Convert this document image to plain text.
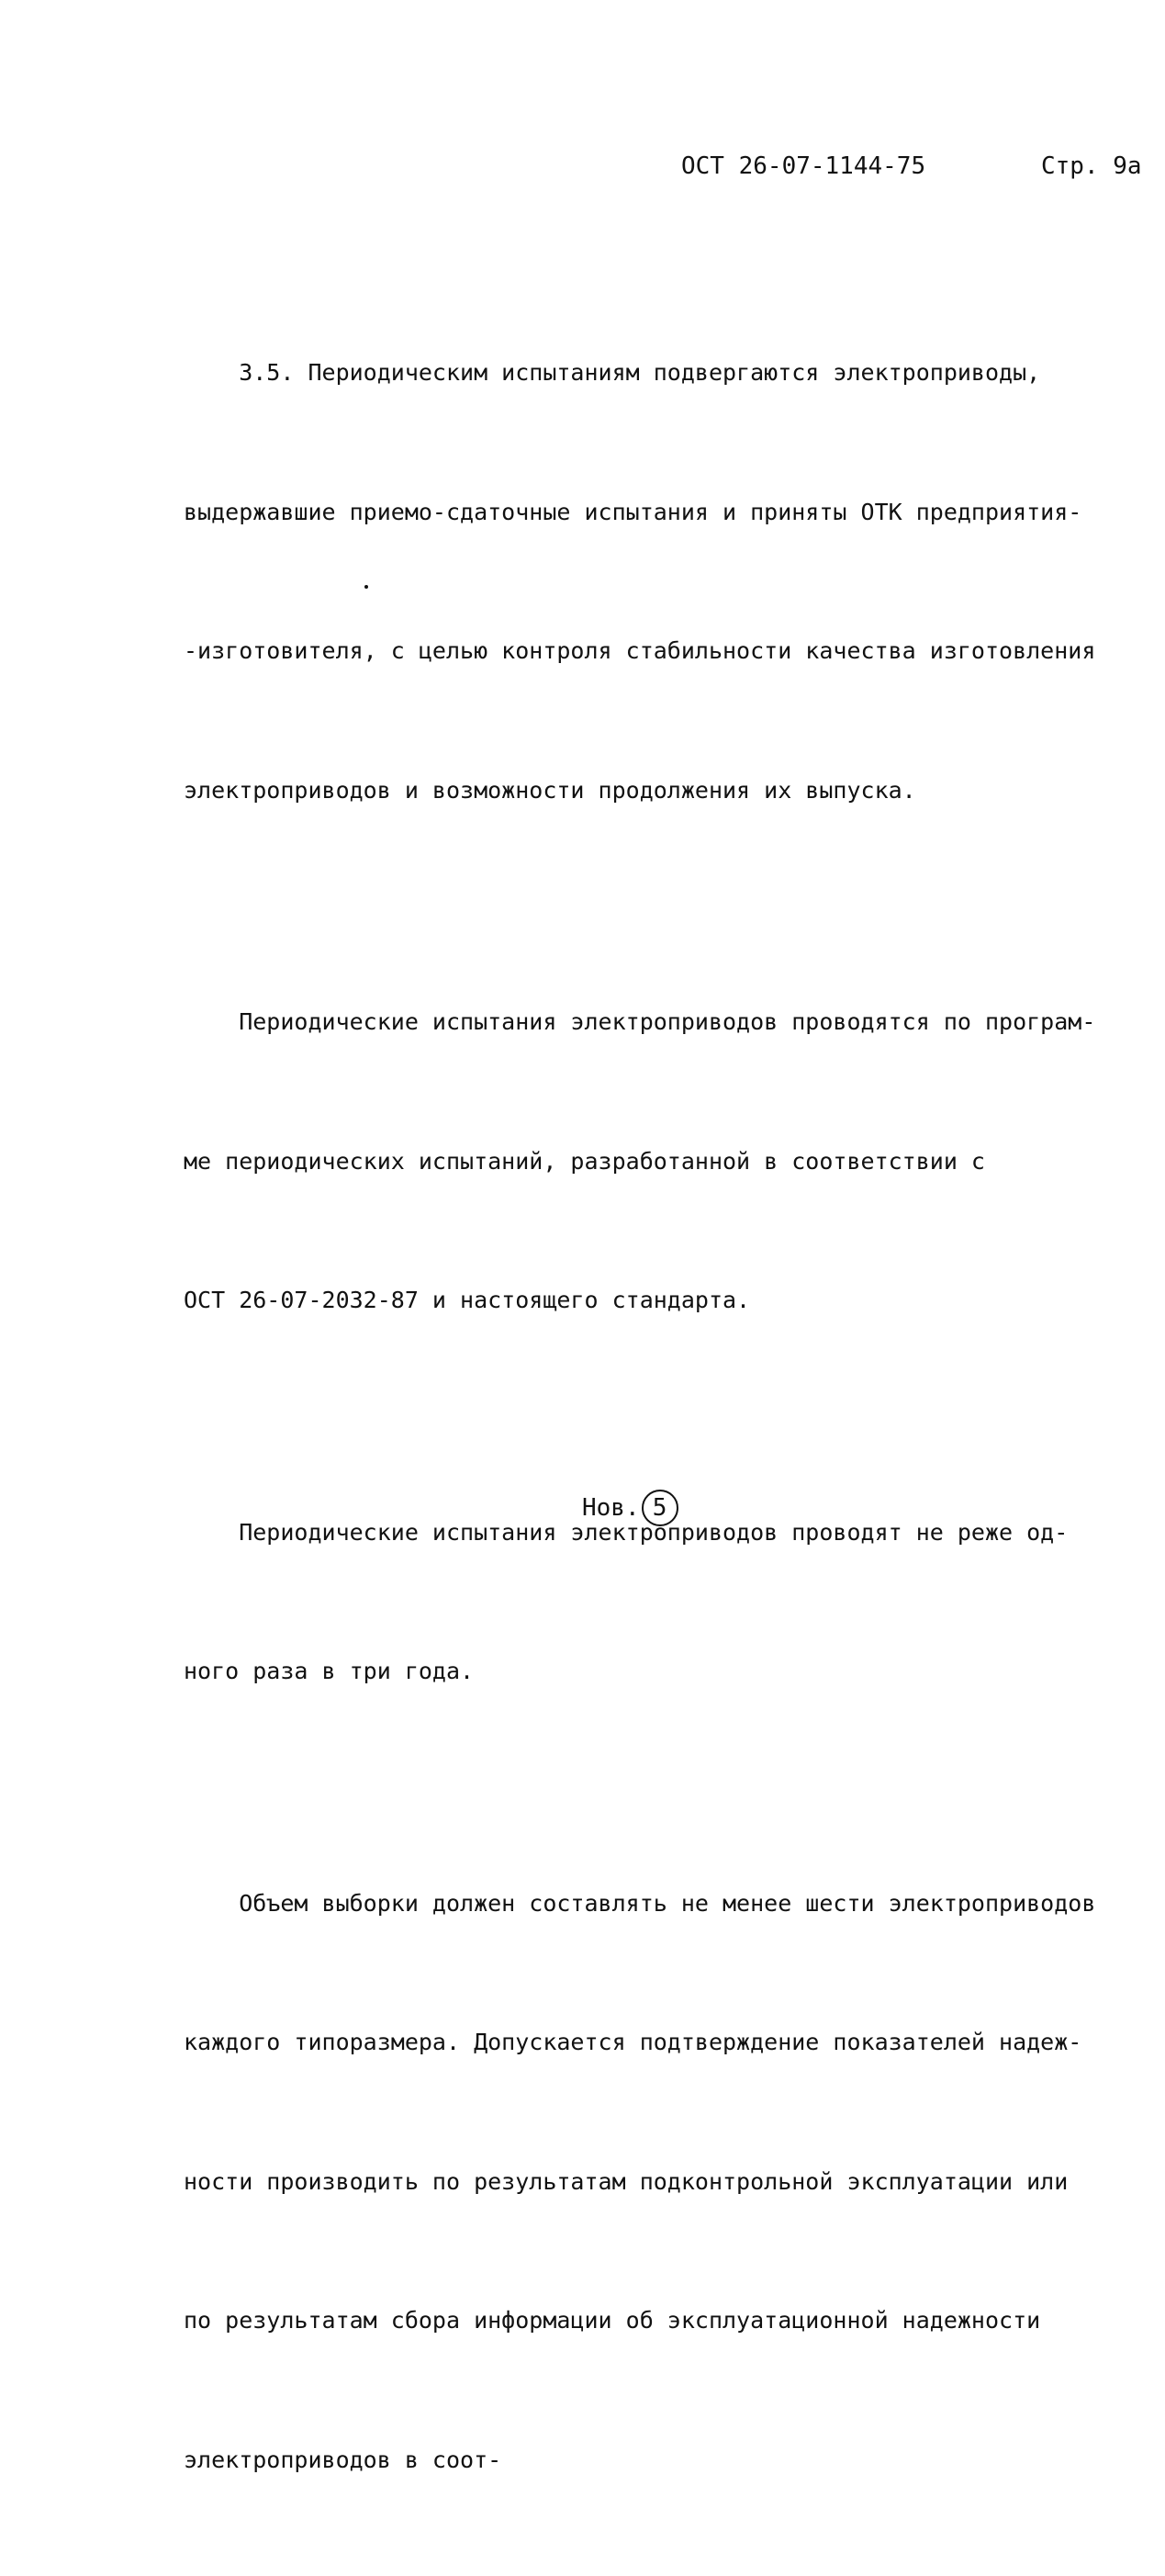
ОСТ 26-07-1144-75	Стр. 9а

3.5. Периодическим испытаниям подвергаются электроприводы,

выдержавшие приемо-сдаточные испытания и приняты ОТК предприятия-

-изготовителя, с целью контроля стабильности качества изготовления

электроприводов и возможности продолжения их выпуска.

Периодические испытания электроприводов проводятся по програм-

ме периодических испытаний, разработанной в соответствии с

ОСТ 26-07-2032-87 и настоящего стандарта.

Периодические испытания электроприводов проводят не реже од-

ного раза в три года.

Объем выборки должен составлять не менее шести электроприводов

каждого типоразмера. Допускается подтверждение показателей надеж-

ности производить по результатам подконтрольной эксплуатации или

по результатам сбора информации об эксплуатационной надежности

электроприводов в соот-

Нов. 5
